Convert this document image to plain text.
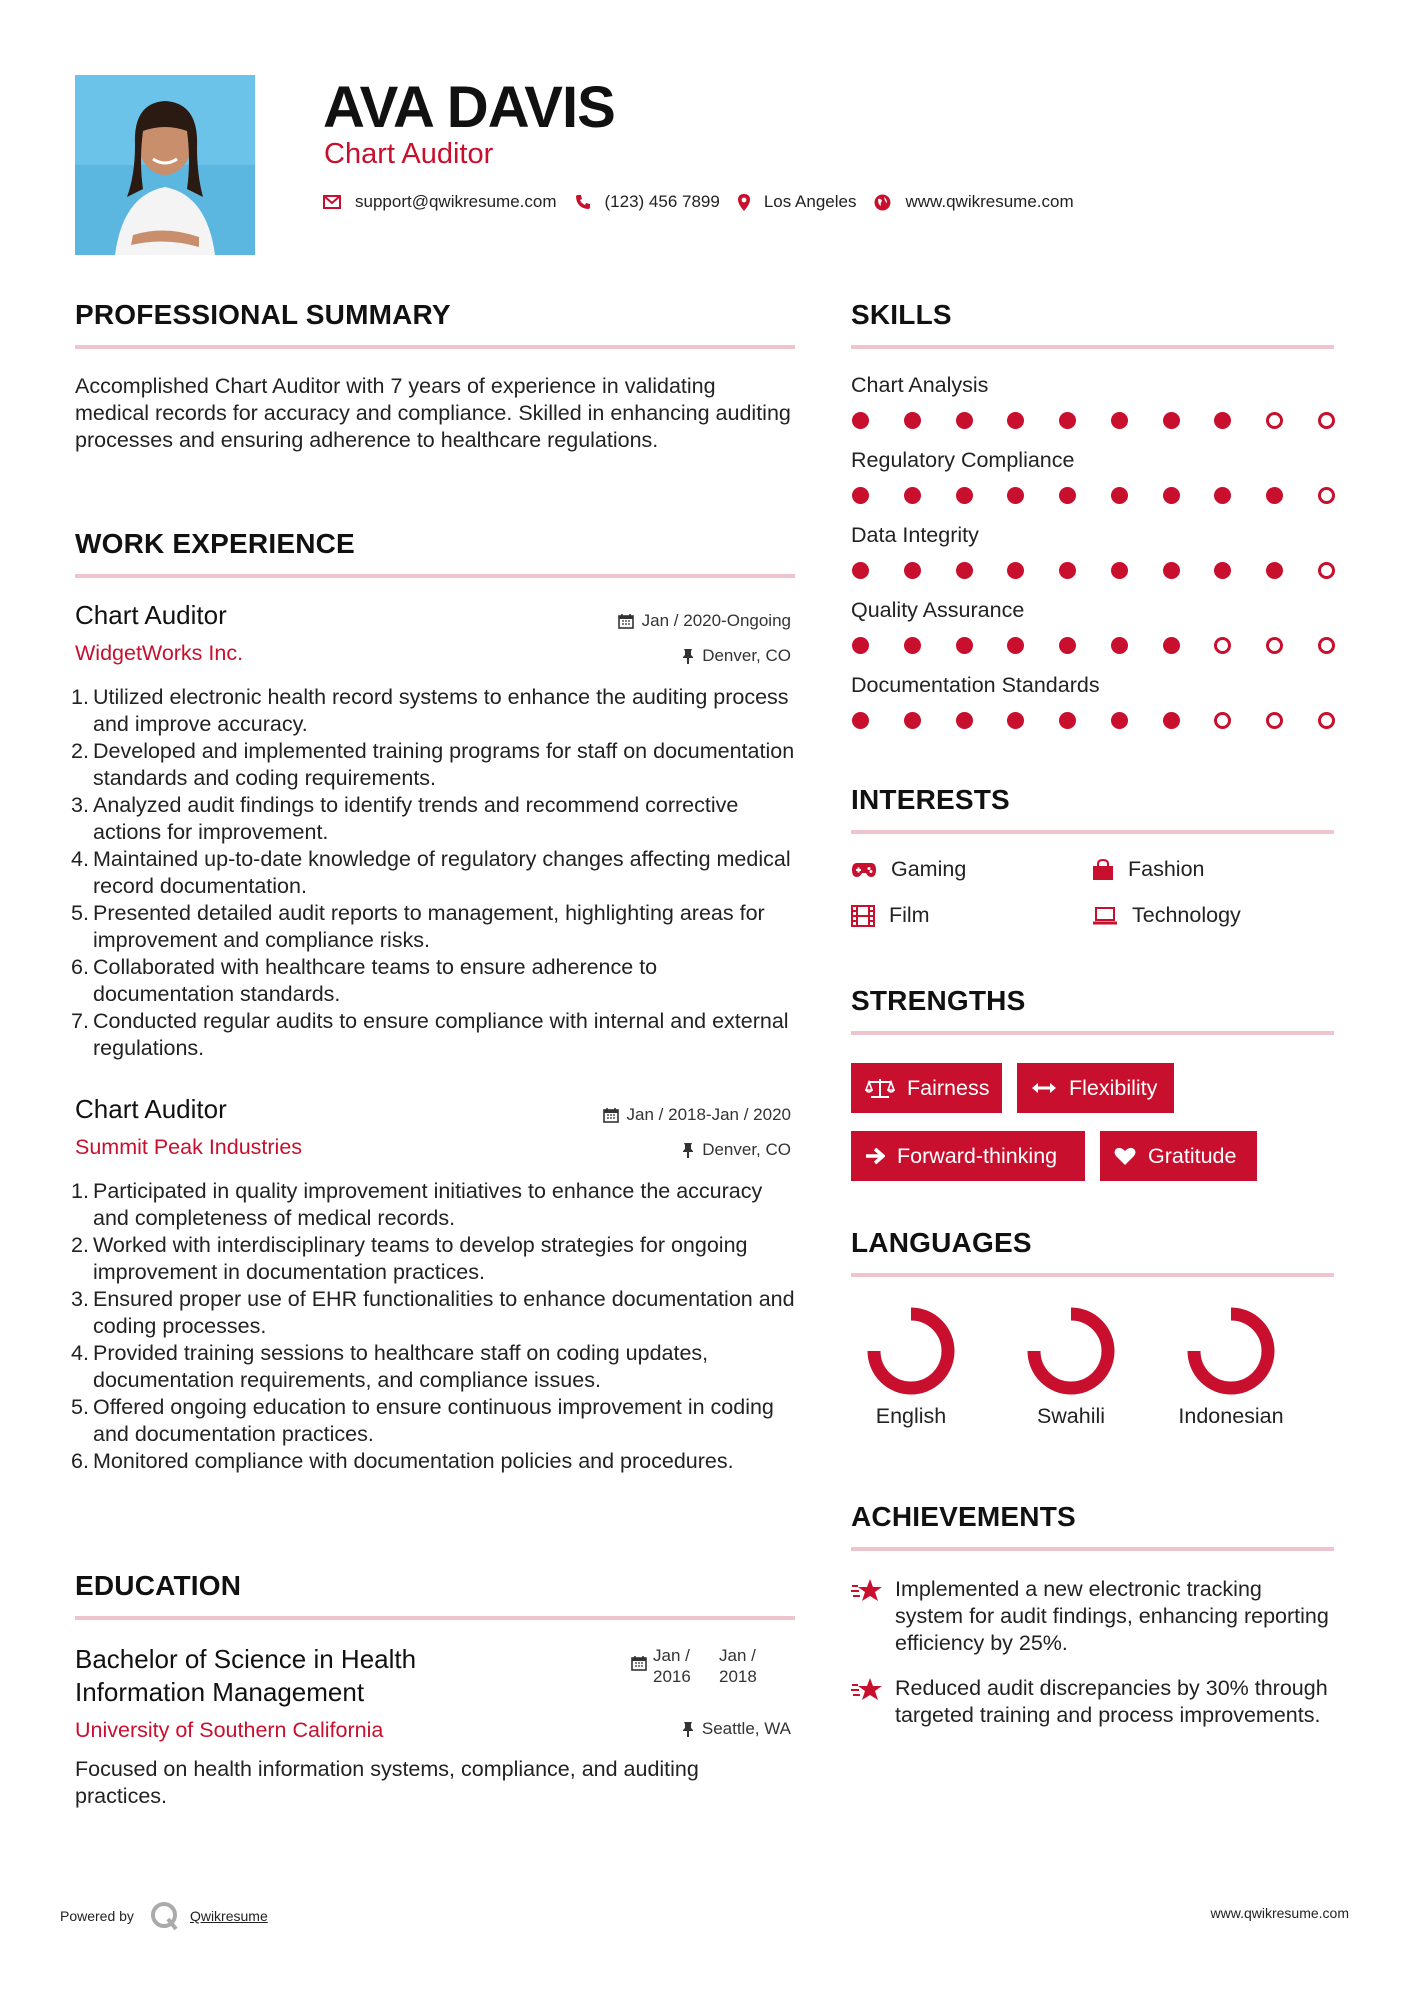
AVA DAVIS
Chart Auditor
support@qwikresume.com	(123) 456 7899	Los Angeles	www.qwikresume.com
PROFESSIONAL SUMMARY
Accomplished Chart Auditor with 7 years of experience in validating medical records for accuracy and compliance. Skilled in enhancing auditing processes and ensuring adherence to healthcare regulations.
WORK EXPERIENCE
Chart Auditor	Jan / 2020-Ongoing
WidgetWorks Inc.	Denver, CO
1. Utilized electronic health record systems to enhance the auditing process and improve accuracy.
2. Developed and implemented training programs for staff on documentation standards and coding requirements.
3. Analyzed audit findings to identify trends and recommend corrective actions for improvement.
4. Maintained up-to-date knowledge of regulatory changes affecting medical record documentation.
5. Presented detailed audit reports to management, highlighting areas for improvement and compliance risks.
6. Collaborated with healthcare teams to ensure adherence to documentation standards.
7. Conducted regular audits to ensure compliance with internal and external regulations.
Chart Auditor	Jan / 2018-Jan / 2020
Summit Peak Industries	Denver, CO
1. Participated in quality improvement initiatives to enhance the accuracy and completeness of medical records.
2. Worked with interdisciplinary teams to develop strategies for ongoing improvement in documentation practices.
3. Ensured proper use of EHR functionalities to enhance documentation and coding processes.
4. Provided training sessions to healthcare staff on coding updates, documentation requirements, and compliance issues.
5. Offered ongoing education to ensure continuous improvement in coding and documentation practices.
6. Monitored compliance with documentation policies and procedures.
EDUCATION
Bachelor of Science in Health Information Management
Jan / 2016
Jan / 2018
University of Southern California	Seattle, WA
Focused on health information systems, compliance, and auditing practices.
SKILLS
Chart Analysis
Regulatory Compliance
Data Integrity
Quality Assurance
Documentation Standards
INTERESTS
Gaming	Fashion
Film	Technology
STRENGTHS
Fairness	Flexibility
Forward-thinking	Gratitude
LANGUAGES
English	Swahili	Indonesian
ACHIEVEMENTS
Implemented a new electronic tracking system for audit findings, enhancing reporting efficiency by 25%.
Reduced audit discrepancies by 30% through targeted training and process improvements.
Powered by	Qwikresume	www.qwikresume.com
